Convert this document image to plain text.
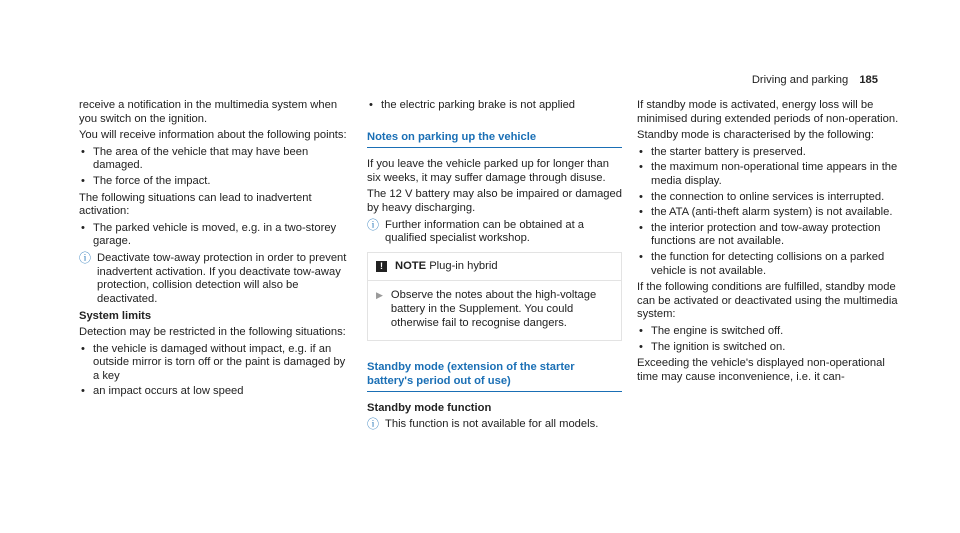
Driving and parking 185

receive a notification in the multimedia system when you switch on the ignition.

You will receive information about the following points:

• The area of the vehicle that may have been damaged.
• The force of the impact.

The following situations can lead to inadvertent activation:

• The parked vehicle is moved, e.g. in a two-storey garage.
ⓘ Deactivate tow-away protection in order to prevent inadvertent activation. If you deactivate tow-away protection, collision detection will also be deactivated.
System limits

Detection may be restricted in the following situations:

• the vehicle is damaged without impact, e.g. if an outside mirror is torn off or the paint is damaged by a key
• an impact occurs at low speed
• the electric parking brake is not applied
Notes on parking up the vehicle

If you leave the vehicle parked up for longer than six weeks, it may suffer damage through disuse.

The 12 V battery may also be impaired or damaged by heavy discharging.

ⓘ Further information can be obtained at a qualified specialist workshop.
!	NOTE Plug-in hybrid
▶ Observe the notes about the high-voltage battery in the Supplement. You could otherwise fail to recognise dangers.
Standby mode (extension of the starter battery's period out of use)
Standby mode function
ⓘ This function is not available for all models.

If standby mode is activated, energy loss will be minimised during extended periods of non-operation.

Standby mode is characterised by the following:

• the starter battery is preserved.
• the maximum non-operational time appears in the media display.
• the connection to online services is interrupted.
• the ATA (anti-theft alarm system) is not available.
• the interior protection and tow-away protection functions are not available.
• the function for detecting collisions on a parked vehicle is not available.

If the following conditions are fulfilled, standby mode can be activated or deactivated using the multimedia system:

• The engine is switched off.
• The ignition is switched on.

Exceeding the vehicle's displayed non-operational time may cause inconvenience, i.e. it can-
